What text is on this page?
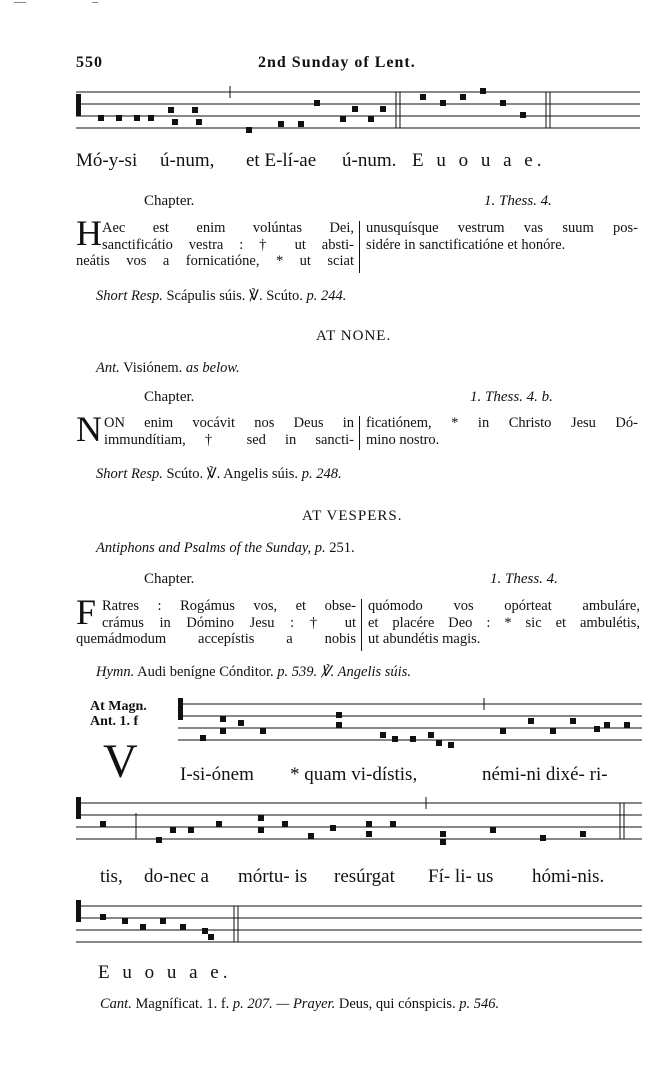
550	2nd Sunday of Lent.
Mó-y-si ú-num, et E-lí-ae ú-num. E u o u a e.
Chapter.	1. Thess. 4.
H Aec est enim volúntas Dei,
sanctificátio vestra : † ut absti-
neátis vos a fornicatióne, * ut sciat
unusquísque vestrum vas suum pos-
sidére in sanctificatióne et honóre.
Short Resp. Scápulis súis. ℣. Scúto. p. 244.
AT NONE.
Ant. Visiónem. as below.
Chapter.	1. Thess. 4. b.
N ON enim vocávit nos Deus in
immundítiam, † sed in sancti-
ficatiónem, * in Christo Jesu Dó-
mino nostro.
Short Resp. Scúto. ℣. Angelis súis. p. 248.
AT VESPERS.
Antiphons and Psalms of the Sunday, p. 251.
Chapter.	1. Thess. 4.
F Ratres : Rogámus vos, et obse-
crámus in Dómino Jesu : † ut
quemádmodum accepístis a nobis
quómodo vos opórteat ambuláre,
et placére Deo : * sic et ambulétis,
ut abundétis magis.
Hymn. Audi benígne Cónditor. p. 539. ℣. Angelis súis.
At Magn.
Ant. 1. f
V I-si-ónem * quam vi-dístis,	némi-ni dixé- ri-
tis, do-nec a mórtu- is resúrgat Fí- li- us hómi-nis.
E u o u a e.
Cant. Magníficat. 1. f. p. 207. — Prayer. Deus, qui cónspicis. p. 546.
